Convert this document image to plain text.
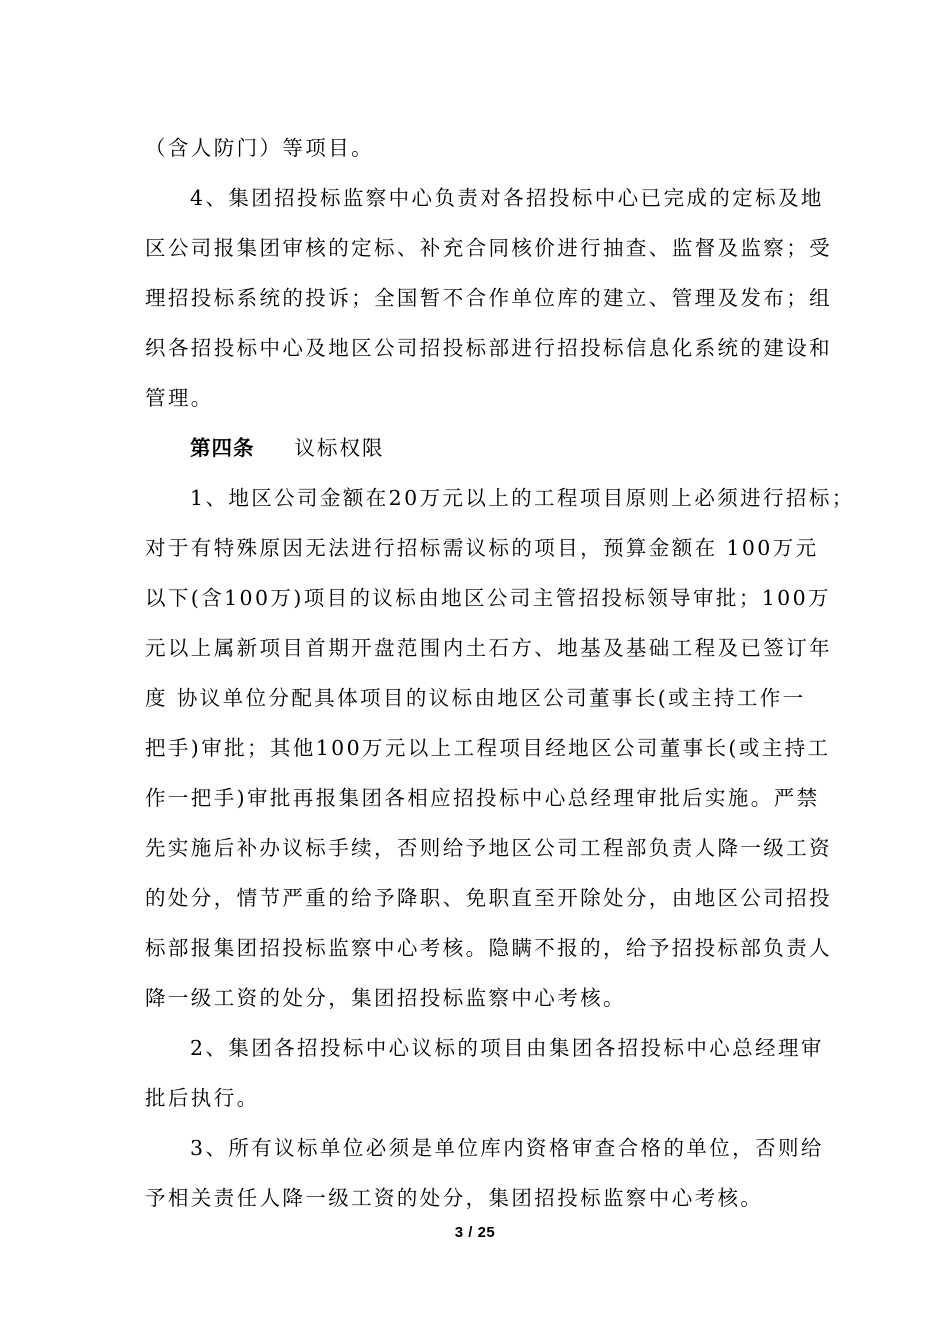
（含人防门）等项目。
4、集团招投标监察中心负责对各招投标中心已完成的定标及地
区公司报集团审核的定标、补充合同核价进行抽查、监督及监察；受
理招投标系统的投诉；全国暂不合作单位库的建立、管理及发布；组
织各招投标中心及地区公司招投标部进行招投标信息化系统的建设和
管理。
第四条 议标权限
1、地区公司金额在20万元以上的工程项目原则上必须进行招标；
对于有特殊原因无法进行招标需议标的项目，预算金额在 100万元
以下(含100万)项目的议标由地区公司主管招投标领导审批；100万
元以上属新项目首期开盘范围内土石方、地基及基础工程及已签订年
度 协议单位分配具体项目的议标由地区公司董事长(或主持工作一
把手)审批；其他100万元以上工程项目经地区公司董事长(或主持工
作一把手)审批再报集团各相应招投标中心总经理审批后实施。严禁
先实施后补办议标手续，否则给予地区公司工程部负责人降一级工资
的处分，情节严重的给予降职、免职直至开除处分，由地区公司招投
标部报集团招投标监察中心考核。隐瞒不报的，给予招投标部负责人
降一级工资的处分，集团招投标监察中心考核。
2、集团各招投标中心议标的项目由集团各招投标中心总经理审
批后执行。
3、所有议标单位必须是单位库内资格审查合格的单位，否则给
予相关责任人降一级工资的处分，集团招投标监察中心考核。
3 / 25
